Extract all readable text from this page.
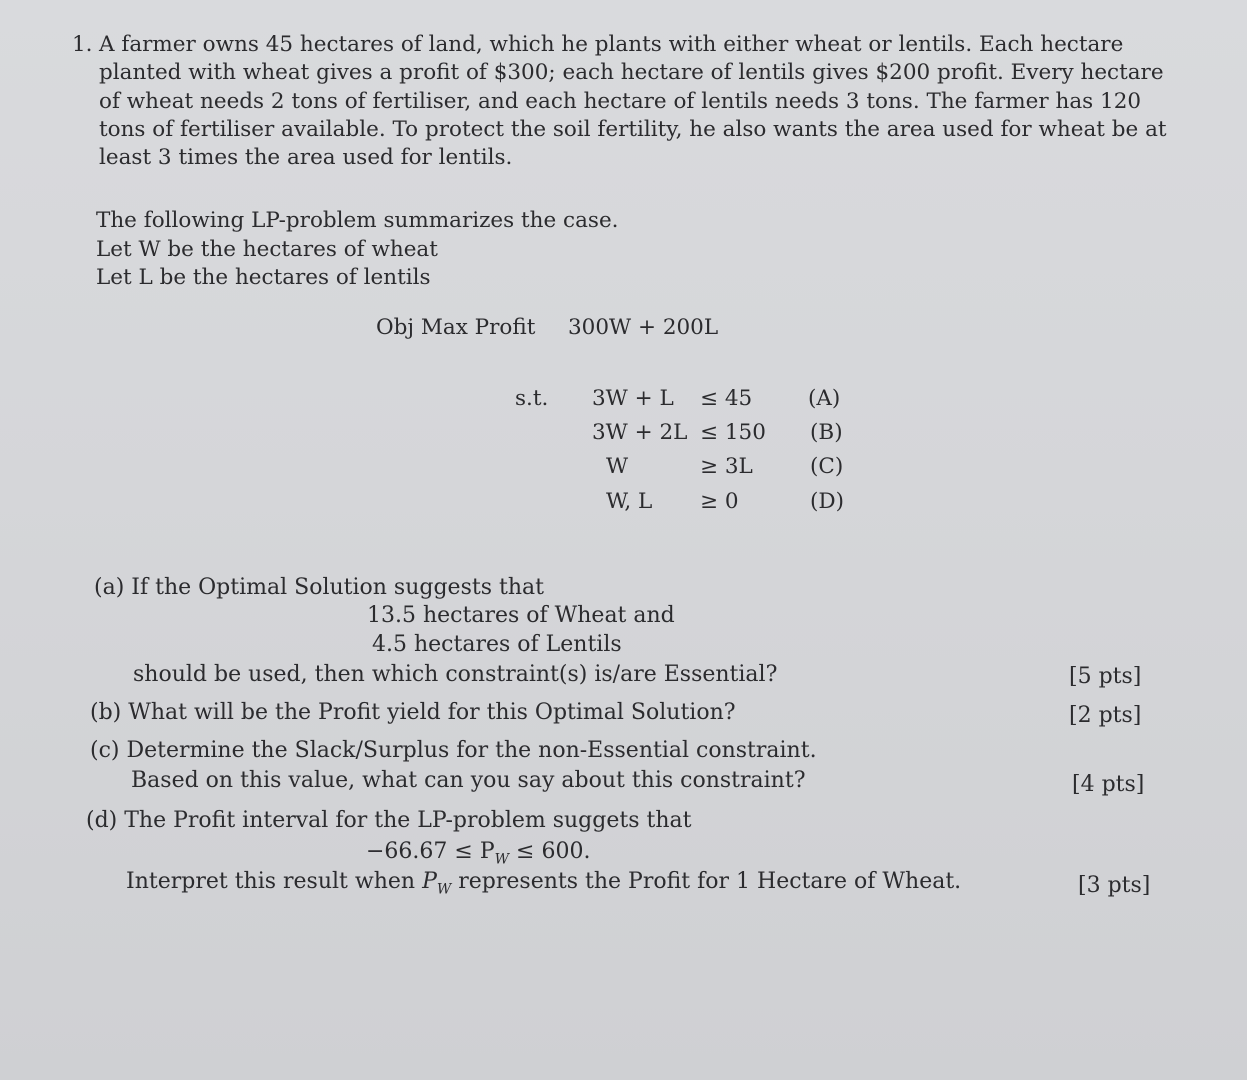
1. A farmer owns 45 hectares of land, which he plants with either wheat or lentils. Each hectare
planted with wheat gives a profit of $300; each hectare of lentils gives $200 profit. Every hectare
of wheat needs 2 tons of fertiliser, and each hectare of lentils needs 3 tons. The farmer has 120
tons of fertiliser available. To protect the soil fertility, he also wants the area used for wheat be at
least 3 times the area used for lentils.
The following LP-problem summarizes the case.
Let W be the hectares of wheat
Let L be the hectares of lentils
Obj Max Profit 300W + 200L
s.t. 3W + L ≤ 45	(A)
3W + 2L ≤ 150 (B)
W	≥ 3L	(C)
W, L ≥ 0	(D)
(a) If the Optimal Solution suggests that
13.5 hectares of Wheat and
4.5 hectares of Lentils
should be used, then which constraint(s) is/are Essential?	[5 pts]
(b) What will be the Profit yield for this Optimal Solution?	[2 pts]
(c) Determine the Slack/Surplus for the non-Essential constraint.
Based on this value, what can you say about this constraint?	[4 pts]
(d) The Profit interval for the LP-problem suggets that
$-66.67 \le P_W \le 600$.
Interpret this result when $P_W$ represents the Profit for 1 Hectare of Wheat.	[3 pts]
